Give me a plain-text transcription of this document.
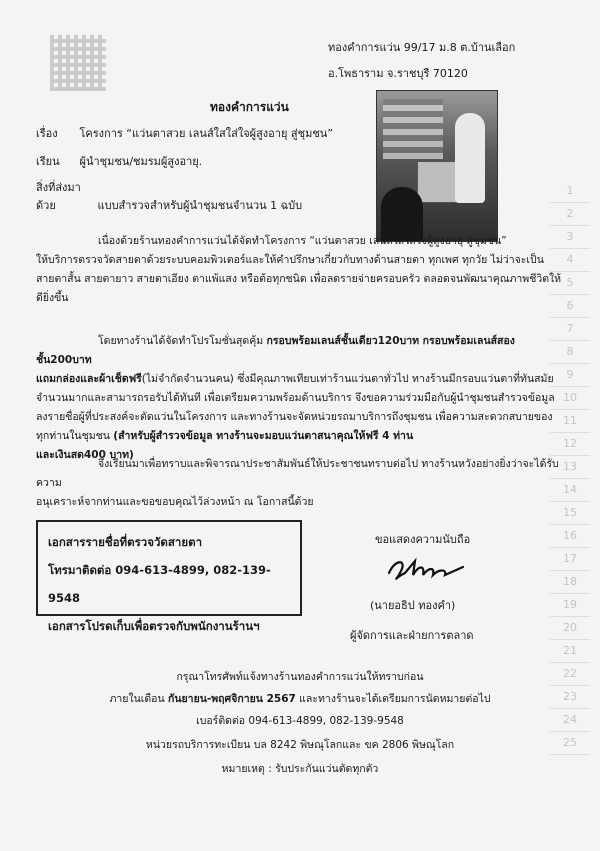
1
2
3
4
5
6
7
8
9
10
11
12
13
14
15
16
17
18
19
20
21
22
23
24
25
ทองคำการแว่น 99/17 ม.8 ต.บ้านเลือก
อ.โพธาราม จ.ราชบุรี 70120
ทองคำการแว่น
เรื่อง โครงการ “แว่นตาสวย เลนส์ใสใส่ใจผู้สูงอายุ สู่ชุมชน”
เรียน ผู้นำชุมชน/ชมรมผู้สูงอายุ.
สิ่งที่ส่งมาด้วย	แบบสำรวจสำหรับผู้นำชุมชนจำนวน 1 ฉบับ

เนื่องด้วยร้านทองคำการแว่นได้จัดทำโครงการ “แว่นตาสวย เลนส์ใสใส่ใจผู้สูงอายุ สู่ชุมชน”

ให้บริการตรวจวัดสายตาด้วยระบบคอมพิวเตอร์และให้คำปรึกษาเกี่ยวกับทางด้านสายตา ทุกเพศ ทุกวัย ไม่ว่าจะเป็น

สายตาสั้น สายตายาว สายตาเอียง ตาแพ้แสง หรือต้อทุกชนิด เพื่อลดรายจ่ายครอบครัว ตลอดจนพัฒนาคุณภาพชีวิตให้

ดียิ่งขึ้น

โดยทางร้านได้จัดทำโปรโมชั่นสุดคุ้ม กรอบพร้อมเลนส์ชั้นเดียว120บาท กรอบพร้อมเลนส์สองชั้น200บาท

แถมกล่องและผ้าเช็ดฟรี(ไม่จำกัดจำนวนคน) ซึ่งมีคุณภาพเทียบเท่าร้านแว่นตาทั่วไป ทางร้านมีกรอบแว่นตาที่ทันสมัย

จำนวนมากและสามารถรอรับได้ทันที เพื่อเตรียมความพร้อมด้านบริการ จึงขอความร่วมมือกับผู้นำชุมชนสำรวจข้อมูล

ลงรายชื่อผู้ที่ประสงค์จะตัดแว่นในโครงการ และทางร้านจะจัดหน่วยรถมาบริการถึงชุมชน เพื่อความสะดวกสบายของ

ทุกท่านในชุมชน (สำหรับผู้สำรวจข้อมูล ทางร้านจะมอบแว่นตาสนาคุณให้ฟรี 4 ท่าน

และเงินสด400 บาท)

จึงเรียนมาเพื่อทราบและพิจารณาประชาสัมพันธ์ให้ประชาชนทราบต่อไป ทางร้านหวังอย่างยิ่งว่าจะได้รับความ

อนุเคราะห์จากท่านและขอขอบคุณไว้ล่วงหน้า ณ โอกาสนี้ด้วย

เอกสารรายชื่อที่ตรวจวัดสายตา
โทรมาติดต่อ 094-613-4899, 082-139-9548
เอกสารโปรดเก็บเพื่อตรวจกับพนักงานร้านฯ
ขอแสดงความนับถือ
(นายอธิป ทองคำ)
ผู้จัดการและฝ่ายการตลาด
กรุณาโทรศัพท์แจ้งทางร้านทองคำการแว่นให้ทราบก่อน
ภายในเดือน กันยายน-พฤศจิกายน 2567 และทางร้านจะได้เตรียมการนัดหมายต่อไป
เบอร์ติดต่อ 094-613-4899, 082-139-9548
หน่วยรถบริการทะเบียน บล 8242 พิษณุโลกและ ขค 2806 พิษณุโลก
หมายเหตุ : รับประกันแว่นตัดทุกตัว
